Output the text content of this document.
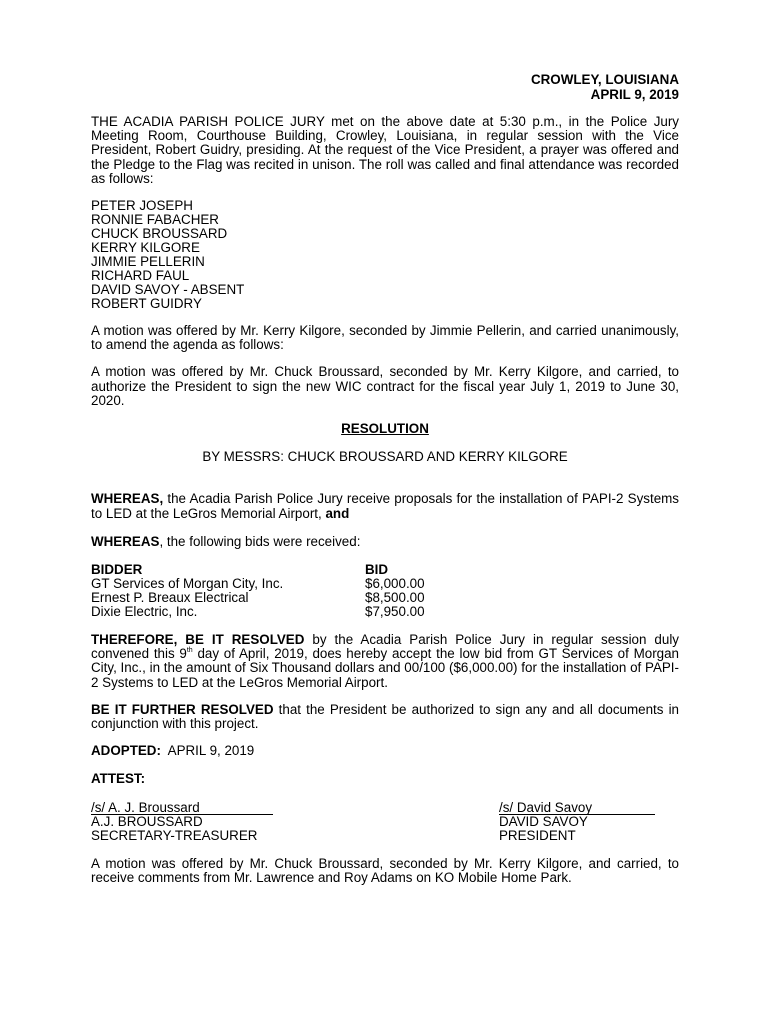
CROWLEY, LOUISIANA
APRIL 9, 2019

THE ACADIA PARISH POLICE JURY met on the above date at 5:30 p.m., in the Police Jury Meeting Room, Courthouse Building, Crowley, Louisiana, in regular session with the Vice President, Robert Guidry, presiding. At the request of the Vice President, a prayer was offered and the Pledge to the Flag was recited in unison. The roll was called and final attendance was recorded as follows:

PETER JOSEPH
RONNIE FABACHER
CHUCK BROUSSARD
KERRY KILGORE
JIMMIE PELLERIN
RICHARD FAUL
DAVID SAVOY - ABSENT
ROBERT GUIDRY

A motion was offered by Mr. Kerry Kilgore, seconded by Jimmie Pellerin, and carried unanimously, to amend the agenda as follows:

A motion was offered by Mr. Chuck Broussard, seconded by Mr. Kerry Kilgore, and carried, to authorize the President to sign the new WIC contract for the fiscal year July 1, 2019 to June 30, 2020.

RESOLUTION
BY MESSRS: CHUCK BROUSSARD AND KERRY KILGORE

WHEREAS, the Acadia Parish Police Jury receive proposals for the installation of PAPI-2 Systems to LED at the LeGros Memorial Airport, and

WHEREAS, the following bids were received:

BIDDER	BID
GT Services of Morgan City, Inc.	$6,000.00
Ernest P. Breaux Electrical	$8,500.00
Dixie Electric, Inc.	$7,950.00

THEREFORE, BE IT RESOLVED by the Acadia Parish Police Jury in regular session duly convened this 9th day of April, 2019, does hereby accept the low bid from GT Services of Morgan City, Inc., in the amount of Six Thousand dollars and 00/100 ($6,000.00) for the installation of PAPI-2 Systems to LED at the LeGros Memorial Airport.

BE IT FURTHER RESOLVED that the President be authorized to sign any and all documents in conjunction with this project.

ADOPTED:  APRIL 9, 2019

ATTEST:
/s/ A. J. Broussard
A.J. BROUSSARD
SECRETARY-TREASURER
/s/ David Savoy
DAVID SAVOY
PRESIDENT

A motion was offered by Mr. Chuck Broussard, seconded by Mr. Kerry Kilgore, and carried, to receive comments from Mr. Lawrence and Roy Adams on KO Mobile Home Park.
